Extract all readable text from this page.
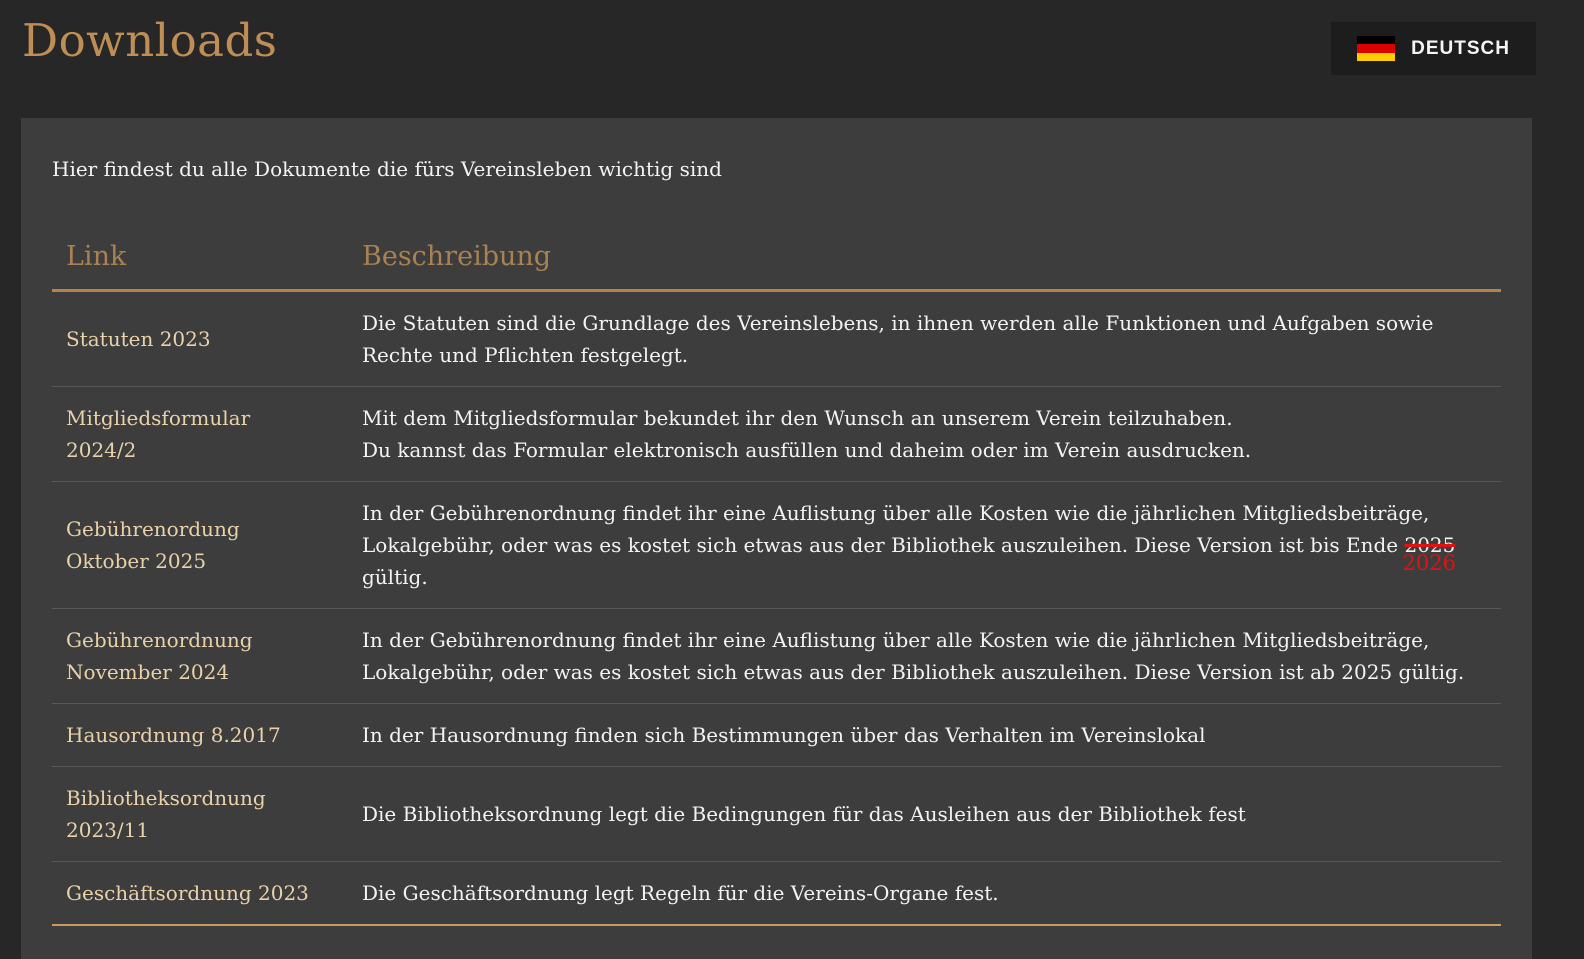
Downloads	DEUTSCH

Hier findest du alle Dokumente die fürs Vereinsleben wichtig sind

Link	Beschreibung
Statuten 2023	Die Statuten sind die Grundlage des Vereinslebens, in ihnen werden alle Funktionen und Aufgaben sowie Rechte und Pflichten festgelegt.
Mitgliedsformular 2024/2	Mit dem Mitgliedsformular bekundet ihr den Wunsch an unserem Verein teilzuhaben.
Du kannst das Formular elektronisch ausfüllen und daheim oder im Verein ausdrucken.
Gebührenordung Oktober 2025	In der Gebührenordnung findet ihr eine Auflistung über alle Kosten wie die jährlichen Mitgliedsbeiträge, Lokalgebühr, oder was es kostet sich etwas aus der Bibliothek auszuleihen. Diese Version ist bis Ende 2025
2026
gültig.
Gebührenordnung November 2024	In der Gebührenordnung findet ihr eine Auflistung über alle Kosten wie die jährlichen Mitgliedsbeiträge, Lokalgebühr, oder was es kostet sich etwas aus der Bibliothek auszuleihen. Diese Version ist ab 2025 gültig.
Hausordnung 8.2017	In der Hausordnung finden sich Bestimmungen über das Verhalten im Vereinslokal
Bibliotheksordnung 2023/11	Die Bibliotheksordnung legt die Bedingungen für das Ausleihen aus der Bibliothek fest
Geschäftsordnung 2023	Die Geschäftsordnung legt Regeln für die Vereins-Organe fest.
